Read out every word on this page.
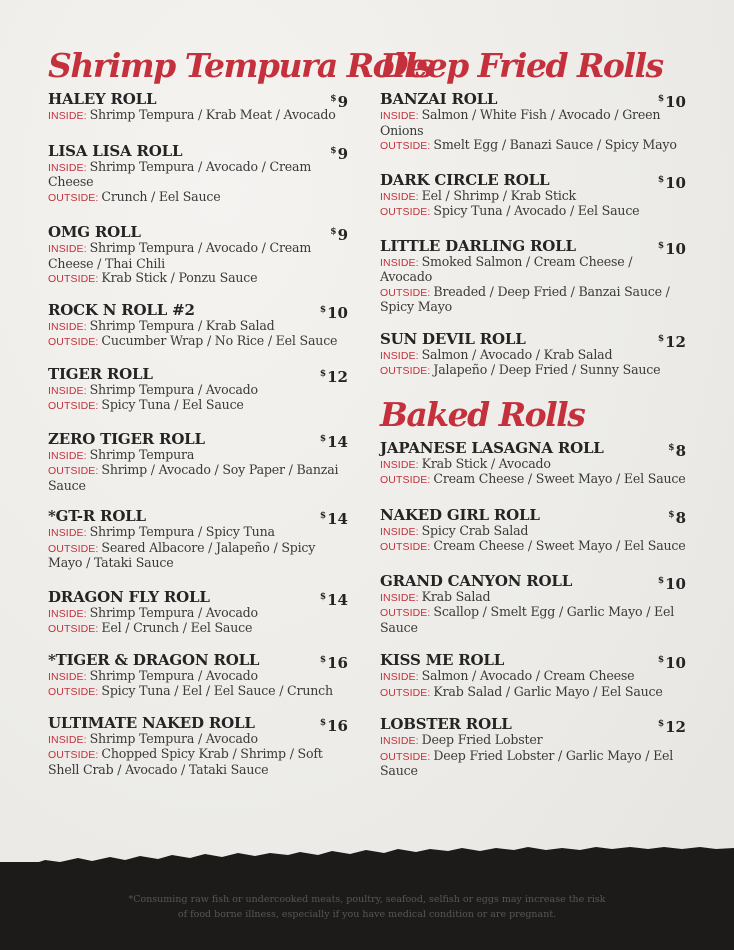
Shrimp Tempura Rolls
HALEY ROLL	$9
INSIDE: Shrimp Tempura / Krab Meat / Avocado
LISA LISA ROLL	$9
INSIDE: Shrimp Tempura / Avocado / Cream Cheese
OUTSIDE: Crunch / Eel Sauce
OMG ROLL	$9
INSIDE: Shrimp Tempura / Avocado / Cream Cheese / Thai Chili
OUTSIDE: Krab Stick / Ponzu Sauce
ROCK N ROLL #2	$10
INSIDE: Shrimp Tempura / Krab Salad
OUTSIDE: Cucumber Wrap / No Rice / Eel Sauce
TIGER ROLL	$12
INSIDE: Shrimp Tempura / Avocado
OUTSIDE: Spicy Tuna / Eel Sauce
ZERO TIGER ROLL	$14
INSIDE: Shrimp Tempura
OUTSIDE: Shrimp / Avocado / Soy Paper / Banzai Sauce
*GT-R ROLL	$14
INSIDE: Shrimp Tempura / Spicy Tuna
OUTSIDE: Seared Albacore / Jalapeño / Spicy Mayo / Tataki Sauce
DRAGON FLY ROLL	$14
INSIDE: Shrimp Tempura / Avocado
OUTSIDE: Eel / Crunch / Eel Sauce
*TIGER & DRAGON ROLL	$16
INSIDE: Shrimp Tempura / Avocado
OUTSIDE: Spicy Tuna / Eel / Eel Sauce / Crunch
ULTIMATE NAKED ROLL	$16
INSIDE: Shrimp Tempura / Avocado
OUTSIDE: Chopped Spicy Krab / Shrimp / Soft Shell Crab / Avocado / Tataki Sauce
Deep Fried Rolls
BANZAI ROLL	$10
INSIDE: Salmon / White Fish / Avocado / Green Onions
OUTSIDE: Smelt Egg / Banazi Sauce / Spicy Mayo
DARK CIRCLE ROLL	$10
INSIDE: Eel / Shrimp / Krab Stick
OUTSIDE: Spicy Tuna / Avocado / Eel Sauce
LITTLE DARLING ROLL	$10
INSIDE: Smoked Salmon / Cream Cheese / Avocado
OUTSIDE: Breaded / Deep Fried / Banzai Sauce / Spicy Mayo
SUN DEVIL ROLL	$12
INSIDE: Salmon / Avocado / Krab Salad
OUTSIDE: Jalapeño / Deep Fried / Sunny Sauce
Baked Rolls
JAPANESE LASAGNA ROLL	$8
INSIDE: Krab Stick / Avocado
OUTSIDE: Cream Cheese / Sweet Mayo / Eel Sauce
NAKED GIRL ROLL	$8
INSIDE: Spicy Crab Salad
OUTSIDE: Cream Cheese / Sweet Mayo / Eel Sauce
GRAND CANYON ROLL	$10
INSIDE: Krab Salad
OUTSIDE: Scallop / Smelt Egg / Garlic Mayo / Eel Sauce
KISS ME ROLL	$10
INSIDE: Salmon / Avocado / Cream Cheese
OUTSIDE: Krab Salad / Garlic Mayo / Eel Sauce
LOBSTER ROLL	$12
INSIDE: Deep Fried Lobster
OUTSIDE: Deep Fried Lobster / Garlic Mayo / Eel Sauce
*Consuming raw fish or undercooked meats, poultry, seafood, selfish or eggs may increase the risk
of food borne illness, especially if you have medical condition or are pregnant.
